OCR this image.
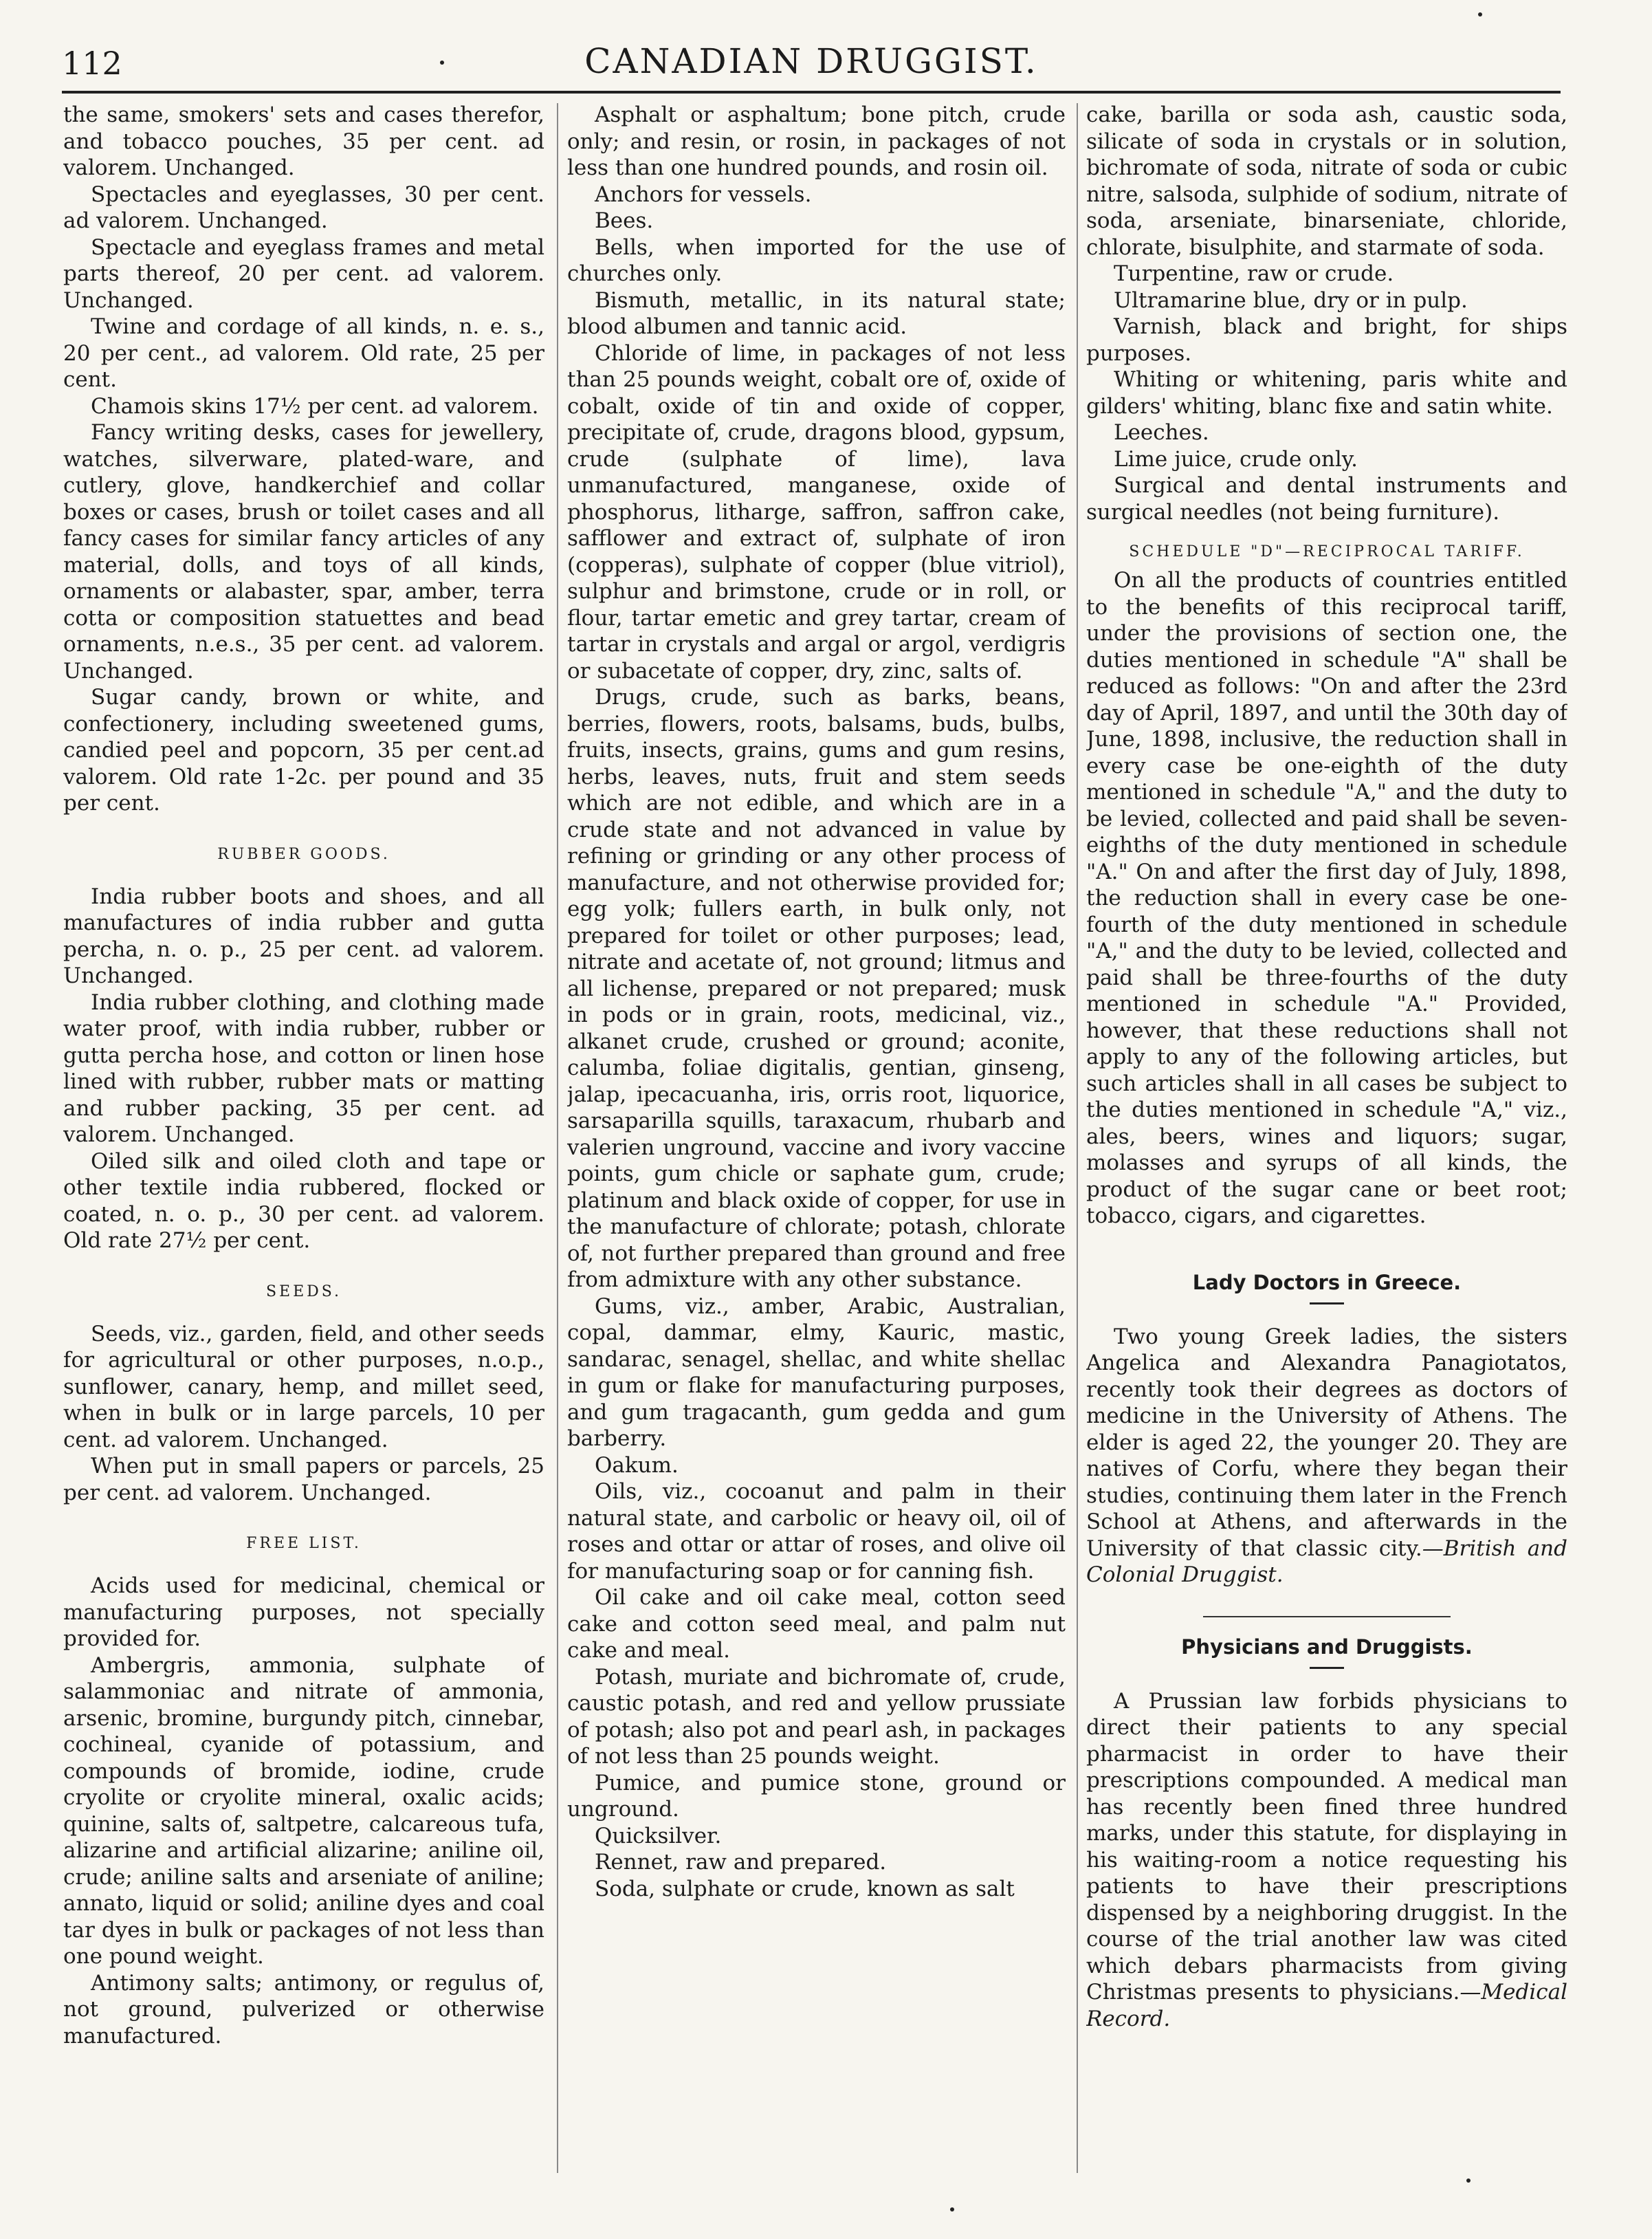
112	CANADIAN DRUGGIST.

the same, smokers' sets and cases therefor, and tobacco pouches, 35 per cent. ad valorem. Unchanged.

Spectacles and eyeglasses, 30 per cent. ad valorem. Unchanged.

Spectacle and eyeglass frames and metal parts thereof, 20 per cent. ad valorem. Unchanged.

Twine and cordage of all kinds, n. e. s., 20 per cent., ad valorem. Old rate, 25 per cent.

Chamois skins 17½ per cent. ad valorem.

Fancy writing desks, cases for jewellery, watches, silverware, plated-ware, and cutlery, glove, handkerchief and collar boxes or cases, brush or toilet cases and all fancy cases for similar fancy articles of any material, dolls, and toys of all kinds, ornaments or alabaster, spar, amber, terra cotta or composition statuettes and bead ornaments, n.e.s., 35 per cent. ad valorem. Unchanged.

Sugar candy, brown or white, and confectionery, including sweetened gums, candied peel and popcorn, 35 per cent.ad valorem. Old rate 1-2c. per pound and 35 per cent.

RUBBER GOODS.

India rubber boots and shoes, and all manufactures of india rubber and gutta percha, n. o. p., 25 per cent. ad valorem. Unchanged.

India rubber clothing, and clothing made water proof, with india rubber, rubber or gutta percha hose, and cotton or linen hose lined with rubber, rubber mats or matting and rubber packing, 35 per cent. ad valorem. Unchanged.

Oiled silk and oiled cloth and tape or other textile india rubbered, flocked or coated, n. o. p., 30 per cent. ad valorem. Old rate 27½ per cent.

SEEDS.

Seeds, viz., garden, field, and other seeds for agricultural or other purposes, n.o.p., sunflower, canary, hemp, and millet seed, when in bulk or in large parcels, 10 per cent. ad valorem. Unchanged.

When put in small papers or parcels, 25 per cent. ad valorem. Unchanged.

FREE LIST.

Acids used for medicinal, chemical or manufacturing purposes, not specially provided for.

Ambergris, ammonia, sulphate of salammoniac and nitrate of ammonia, arsenic, bromine, burgundy pitch, cinnebar, cochineal, cyanide of potassium, and compounds of bromide, iodine, crude cryolite or cryolite mineral, oxalic acids; quinine, salts of, saltpetre, calcareous tufa, alizarine and artificial alizarine; aniline oil, crude; aniline salts and arseniate of aniline; annato, liquid or solid; aniline dyes and coal tar dyes in bulk or packages of not less than one pound weight.

Antimony salts; antimony, or regulus of, not ground, pulverized or otherwise manufactured.

Asphalt or asphaltum; bone pitch, crude only; and resin, or rosin, in packages of not less than one hundred pounds, and rosin oil.

Anchors for vessels.

Bees.

Bells, when imported for the use of churches only.

Bismuth, metallic, in its natural state; blood albumen and tannic acid.

Chloride of lime, in packages of not less than 25 pounds weight, cobalt ore of, oxide of cobalt, oxide of tin and oxide of copper, precipitate of, crude, dragons blood, gypsum, crude (sulphate of lime), lava unmanufactured, manganese, oxide of phosphorus, litharge, saffron, saffron cake, safflower and extract of, sulphate of iron (copperas), sulphate of copper (blue vitriol), sulphur and brimstone, crude or in roll, or flour, tartar emetic and grey tartar, cream of tartar in crystals and argal or argol, verdigris or subacetate of copper, dry, zinc, salts of.

Drugs, crude, such as barks, beans, berries, flowers, roots, balsams, buds, bulbs, fruits, insects, grains, gums and gum resins, herbs, leaves, nuts, fruit and stem seeds which are not edible, and which are in a crude state and not advanced in value by refining or grinding or any other process of manufacture, and not otherwise provided for; egg yolk; fullers earth, in bulk only, not prepared for toilet or other purposes; lead, nitrate and acetate of, not ground; litmus and all lichense, prepared or not prepared; musk in pods or in grain, roots, medicinal, viz., alkanet crude, crushed or ground; aconite, calumba, foliae digitalis, gentian, ginseng, jalap, ipecacuanha, iris, orris root, liquorice, sarsaparilla squills, taraxacum, rhubarb and valerien unground, vaccine and ivory vaccine points, gum chicle or saphate gum, crude; platinum and black oxide of copper, for use in the manufacture of chlorate; potash, chlorate of, not further prepared than ground and free from admixture with any other substance.

Gums, viz., amber, Arabic, Australian, copal, dammar, elmy, Kauric, mastic, sandarac, senagel, shellac, and white shellac in gum or flake for manufacturing purposes, and gum tragacanth, gum gedda and gum barberry.

Oakum.

Oils, viz., cocoanut and palm in their natural state, and carbolic or heavy oil, oil of roses and ottar or attar of roses, and olive oil for manufacturing soap or for canning fish.

Oil cake and oil cake meal, cotton seed cake and cotton seed meal, and palm nut cake and meal.

Potash, muriate and bichromate of, crude, caustic potash, and red and yellow prussiate of potash; also pot and pearl ash, in packages of not less than 25 pounds weight.

Pumice, and pumice stone, ground or unground.

Quicksilver.

Rennet, raw and prepared.

Soda, sulphate or crude, known as salt

cake, barilla or soda ash, caustic soda, silicate of soda in crystals or in solution, bichromate of soda, nitrate of soda or cubic nitre, salsoda, sulphide of sodium, nitrate of soda, arseniate, binarseniate, chloride, chlorate, bisulphite, and starmate of soda.

Turpentine, raw or crude.

Ultramarine blue, dry or in pulp.

Varnish, black and bright, for ships purposes.

Whiting or whitening, paris white and gilders' whiting, blanc fixe and satin white.

Leeches.

Lime juice, crude only.

Surgical and dental instruments and surgical needles (not being furniture).

SCHEDULE "D"—RECIPROCAL TARIFF.

On all the products of countries entitled to the benefits of this reciprocal tariff, under the provisions of section one, the duties mentioned in schedule "A" shall be reduced as follows: "On and after the 23rd day of April, 1897, and until the 30th day of June, 1898, inclusive, the reduction shall in every case be one-eighth of the duty mentioned in schedule "A," and the duty to be levied, collected and paid shall be seven-eighths of the duty mentioned in schedule "A." On and after the first day of July, 1898, the reduction shall in every case be one-fourth of the duty mentioned in schedule "A," and the duty to be levied, collected and paid shall be three-fourths of the duty mentioned in schedule "A." Provided, however, that these reductions shall not apply to any of the following articles, but such articles shall in all cases be subject to the duties mentioned in schedule "A," viz., ales, beers, wines and liquors; sugar, molasses and syrups of all kinds, the product of the sugar cane or beet root; tobacco, cigars, and cigarettes.

Lady Doctors in Greece.

Two young Greek ladies, the sisters Angelica and Alexandra Panagiotatos, recently took their degrees as doctors of medicine in the University of Athens. The elder is aged 22, the younger 20. They are natives of Corfu, where they began their studies, continuing them later in the French School at Athens, and afterwards in the University of that classic city.—British and Colonial Druggist.

Physicians and Druggists.

A Prussian law forbids physicians to direct their patients to any special pharmacist in order to have their prescriptions compounded. A medical man has recently been fined three hundred marks, under this statute, for displaying in his waiting-room a notice requesting his patients to have their prescriptions dispensed by a neighboring druggist. In the course of the trial another law was cited which debars pharmacists from giving Christmas presents to physicians.—Medical Record.
